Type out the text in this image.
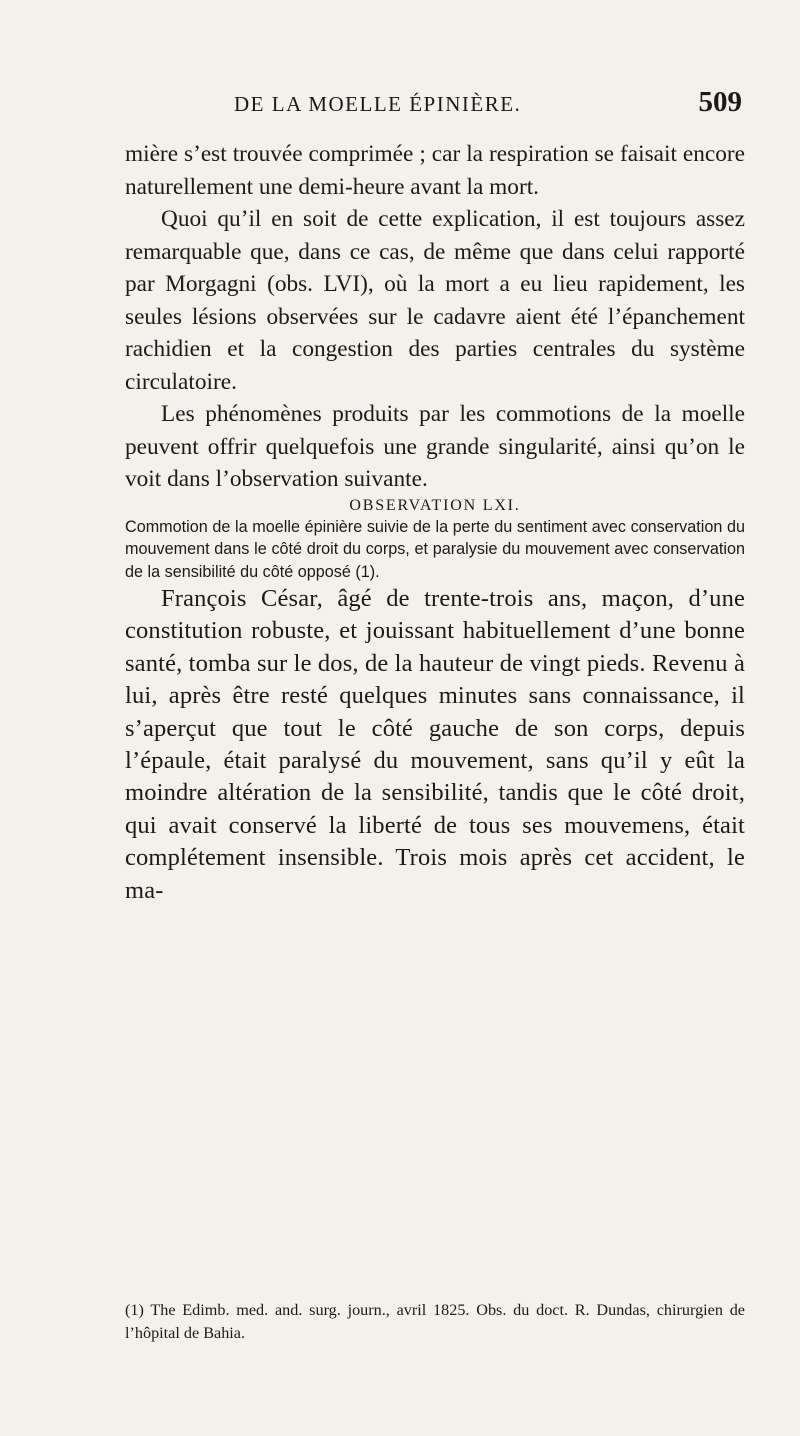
DE LA MOELLE ÉPINIÈRE.	509

mière s’est trouvée comprimée ; car la respiration se faisait encore naturellement une demi-heure avant la mort.

Quoi qu’il en soit de cette explication, il est toujours assez remarquable que, dans ce cas, de même que dans celui rapporté par Morgagni (obs. LVI), où la mort a eu lieu rapidement, les seules lésions observées sur le cadavre aient été l’épanchement rachidien et la congestion des parties centrales du système circulatoire.

Les phénomènes produits par les commotions de la moelle peuvent offrir quelquefois une grande singularité, ainsi qu’on le voit dans l’observation suivante.

OBSERVATION LXI.

Commotion de la moelle épinière suivie de la perte du sentiment avec conservation du mouvement dans le côté droit du corps, et paralysie du mouvement avec conservation de la sensibilité du côté opposé (1).

François César, âgé de trente-trois ans, maçon, d’une constitution robuste, et jouissant habituellement d’une bonne santé, tomba sur le dos, de la hauteur de vingt pieds. Revenu à lui, après être resté quelques minutes sans connaissance, il s’aperçut que tout le côté gauche de son corps, depuis l’épaule, était paralysé du mouvement, sans qu’il y eût la moindre altération de la sensibilité, tandis que le côté droit, qui avait conservé la liberté de tous ses mouvemens, était complétement insensible. Trois mois après cet accident, le ma-

(1) The Edimb. med. and. surg. journ., avril 1825. Obs. du doct. R. Dundas, chirurgien de l’hôpital de Bahia.
